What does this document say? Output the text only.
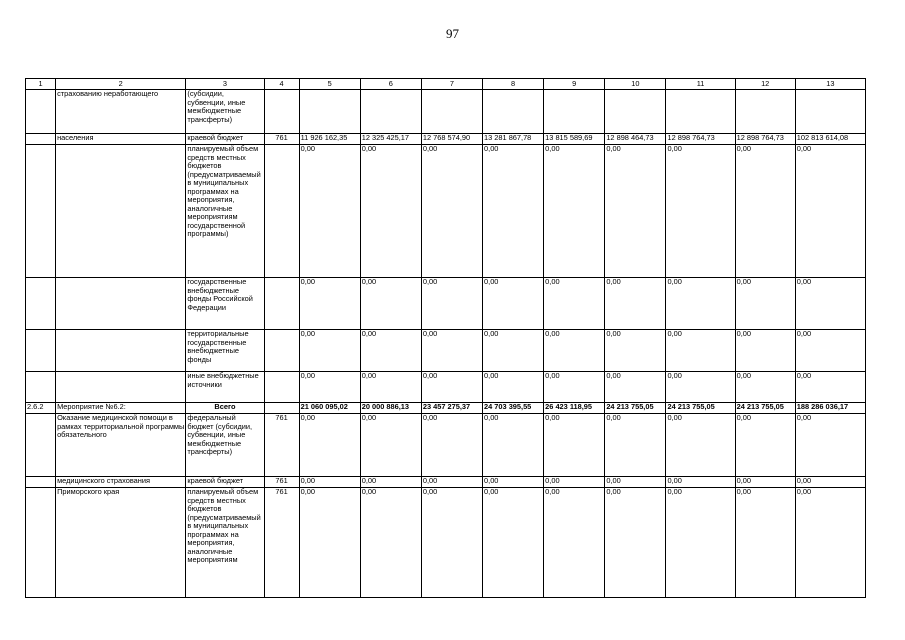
97
1	2	3	4	5	6	7	8	9	10	11	12	13
	страхованию неработающего	(субсидии, субвенции, иные межбюджетные трансферты)										
	населения	краевой бюджет	761	11 926 162,35	12 325 425,17	12 768 574,90	13 281 867,78	13 815 589,69	12 898 464,73	12 898 764,73	12 898 764,73	102 813 614,08
		планируемый объем средств местных бюджетов (предусматриваемый в муниципальных программах на мероприятия, аналогичные мероприятиям государственной программы)		0,00	0,00	0,00	0,00	0,00	0,00	0,00	0,00	0,00
		государственные внебюджетные фонды Российской Федерации		0,00	0,00	0,00	0,00	0,00	0,00	0,00	0,00	0,00
		территориальные государственные внебюджетные фонды		0,00	0,00	0,00	0,00	0,00	0,00	0,00	0,00	0,00
		иные внебюджетные источники		0,00	0,00	0,00	0,00	0,00	0,00	0,00	0,00	0,00
2.6.2	Мероприятие №6.2:	Всего		21 060 095,02	20 000 886,13	23 457 275,37	24 703 395,55	26 423 118,95	24 213 755,05	24 213 755,05	24 213 755,05	188 286 036,17
	Оказание медицинской помощи в рамках территориальной программы обязательного	федеральный бюджет (субсидии, субвенции, иные межбюджетные трансферты)	761	0,00	0,00	0,00	0,00	0,00	0,00	0,00	0,00	0,00
	медицинского страхования	краевой бюджет	761	0,00	0,00	0,00	0,00	0,00	0,00	0,00	0,00	0,00
	Приморского края	планируемый объем средств местных бюджетов (предусматриваемый в муниципальных программах на мероприятия, аналогичные мероприятиям	761	0,00	0,00	0,00	0,00	0,00	0,00	0,00	0,00	0,00
